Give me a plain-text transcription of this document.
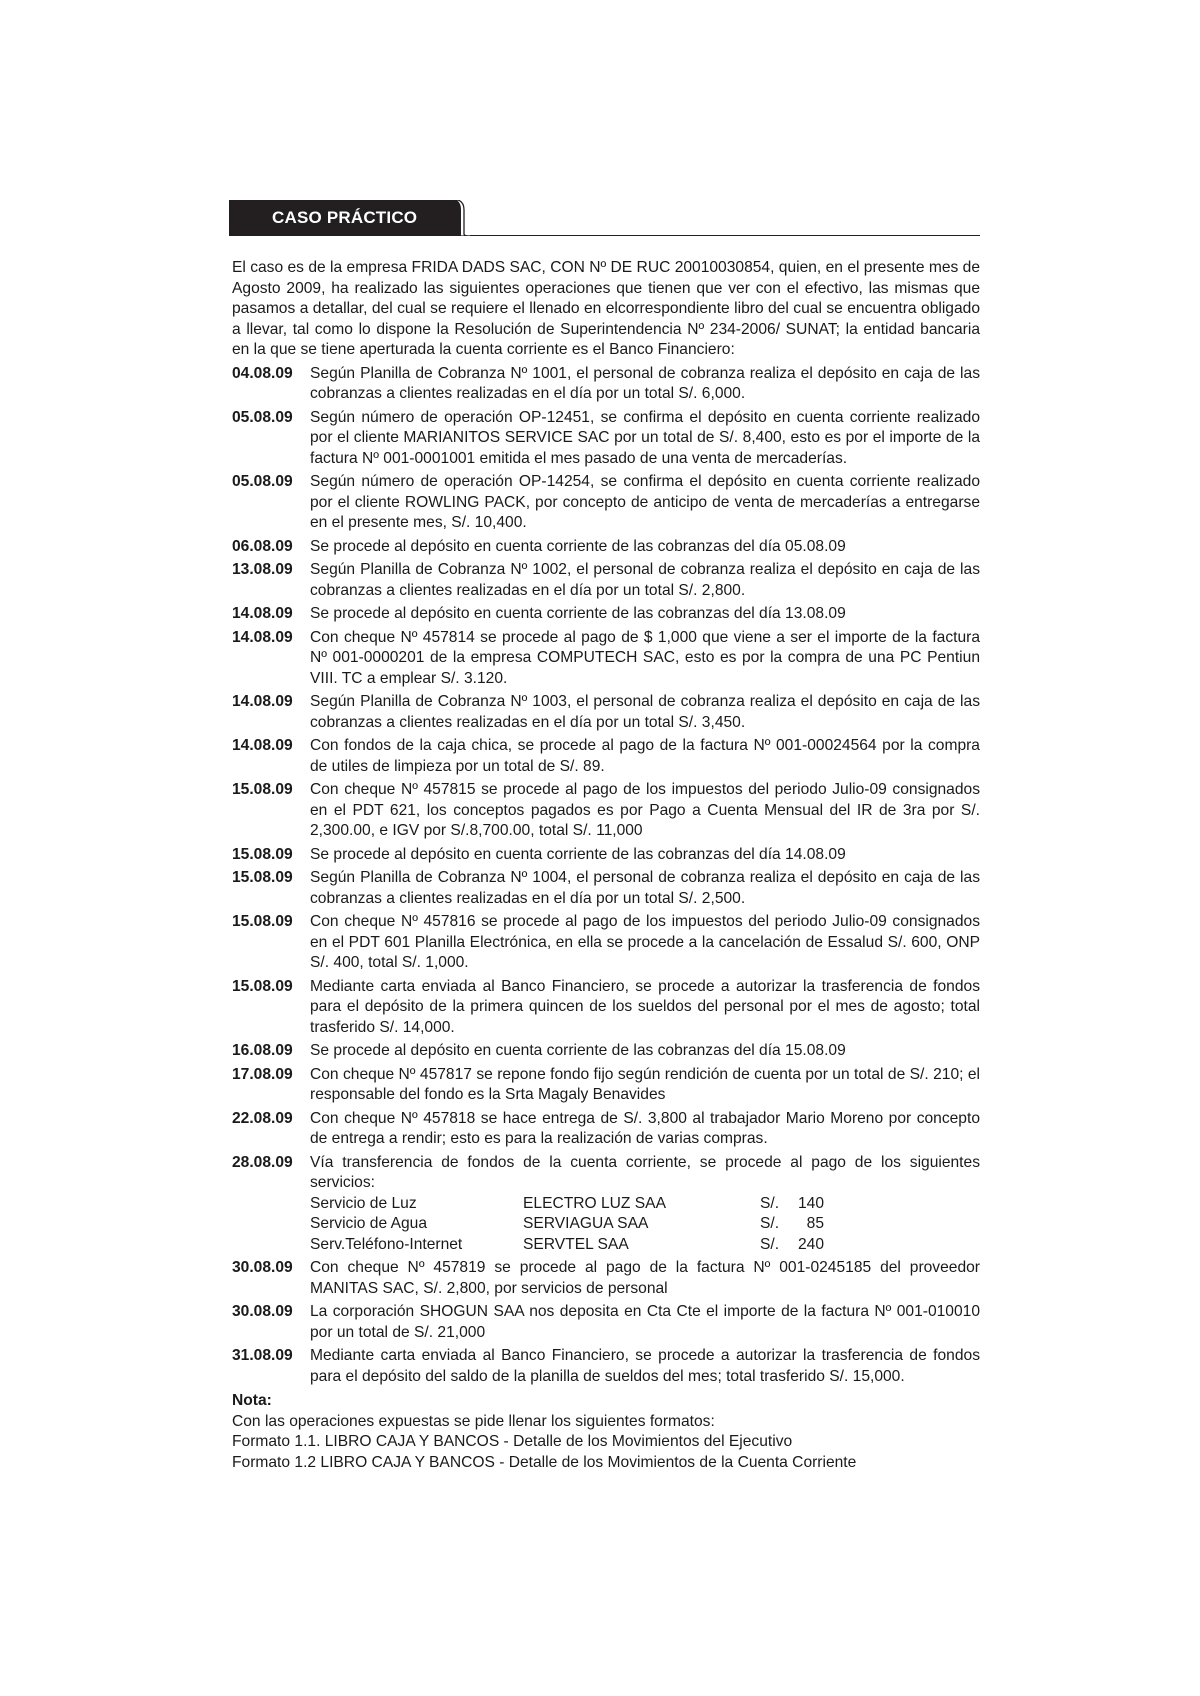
CASO PRÁCTICO

El caso es de la empresa FRIDA DADS SAC, CON Nº DE RUC 20010030854, quien, en el presente mes de Agosto 2009, ha realizado las siguientes operaciones que tienen que ver con el efectivo, las mismas que pasamos a detallar, del cual se requiere el llenado en elcorrespondiente libro del cual se encuentra obligado a llevar, tal como lo dispone la Resolución de Superintendencia Nº 234-2006/ SUNAT; la entidad bancaria en la que se tiene aperturada la cuenta corriente es el Banco Financiero:

04.08.09	Según Planilla de Cobranza Nº 1001, el personal de cobranza realiza el depósito en caja de las cobranzas a clientes realizadas en el día por un total S/. 6,000.
05.08.09	Según número de operación OP-12451, se confirma el depósito en cuenta corriente realizado por el cliente MARIANITOS SERVICE SAC por un total de S/. 8,400, esto es por el importe de la factura Nº 001-0001001 emitida el mes pasado de una venta de mercaderías.
05.08.09	Según número de operación OP-14254, se confirma el depósito en cuenta corriente realizado por el cliente ROWLING PACK, por concepto de anticipo de venta de mercaderías a entregarse en el presente mes, S/. 10,400.
06.08.09	Se procede al depósito en cuenta corriente de las cobranzas del día 05.08.09
13.08.09	Según Planilla de Cobranza Nº 1002, el personal de cobranza realiza el depósito en caja de las cobranzas a clientes realizadas en el día por un total S/. 2,800.
14.08.09	Se procede al depósito en cuenta corriente de las cobranzas del día 13.08.09
14.08.09	Con cheque Nº 457814 se procede al pago de $ 1,000 que viene a ser el importe de la factura Nº 001-0000201 de la empresa COMPUTECH SAC, esto es por la compra de una PC Pentiun VIII. TC a emplear S/. 3.120.
14.08.09	Según Planilla de Cobranza Nº 1003, el personal de cobranza realiza el depósito en caja de las cobranzas a clientes realizadas en el día por un total S/. 3,450.
14.08.09	Con fondos de la caja chica, se procede al pago de la factura Nº 001-00024564 por la compra de utiles de limpieza por un total de S/. 89.
15.08.09	Con cheque Nº 457815 se procede al pago de los impuestos del periodo Julio-09 consignados en el PDT 621, los conceptos pagados es por Pago a Cuenta Mensual del IR de 3ra por S/. 2,300.00, e IGV por S/.8,700.00, total S/. 11,000
15.08.09	Se procede al depósito en cuenta corriente de las cobranzas del día 14.08.09
15.08.09	Según Planilla de Cobranza Nº 1004, el personal de cobranza realiza el depósito en caja de las cobranzas a clientes realizadas en el día por un total S/. 2,500.
15.08.09	Con cheque Nº 457816 se procede al pago de los impuestos del periodo Julio-09 consignados en el PDT 601 Planilla Electrónica, en ella se procede a la cancelación de Essalud S/. 600, ONP S/. 400, total S/. 1,000.
15.08.09	Mediante carta enviada al Banco Financiero, se procede a autorizar la trasferencia de fondos para el depósito de la primera quincen de los sueldos del personal por el mes de agosto; total trasferido S/. 14,000.
16.08.09	Se procede al depósito en cuenta corriente de las cobranzas del día 15.08.09
17.08.09	Con cheque Nº 457817 se repone fondo fijo según rendición de cuenta por un total de S/. 210; el responsable del fondo es la Srta Magaly Benavides
22.08.09	Con cheque Nº 457818 se hace entrega de S/. 3,800 al trabajador Mario Moreno por concepto de entrega a rendir; esto es para la realización de varias compras.
28.08.09	Vía transferencia de fondos de la cuenta corriente, se procede al pago de los siguientes servicios:
Servicio de Luz	ELECTRO LUZ SAA	S/.	140
Servicio de Agua	SERVIAGUA SAA	S/.	85
Serv.Teléfono-Internet	SERVTEL SAA	S/.	240
30.08.09	Con cheque Nº 457819 se procede al pago de la factura Nº 001-0245185 del proveedor MANITAS SAC, S/. 2,800, por servicios de personal
30.08.09	La corporación SHOGUN SAA nos deposita en Cta Cte el importe de la factura Nº 001-010010 por un total de S/. 21,000
31.08.09	Mediante carta enviada al Banco Financiero, se procede a autorizar la trasferencia de fondos para el depósito del saldo de la planilla de sueldos del mes; total trasferido S/. 15,000.
Nota:

Con las operaciones expuestas se pide llenar los siguientes formatos:

Formato 1.1. LIBRO CAJA Y BANCOS - Detalle de los Movimientos del Ejecutivo

Formato 1.2 LIBRO CAJA Y BANCOS - Detalle de los Movimientos de la Cuenta Corriente
